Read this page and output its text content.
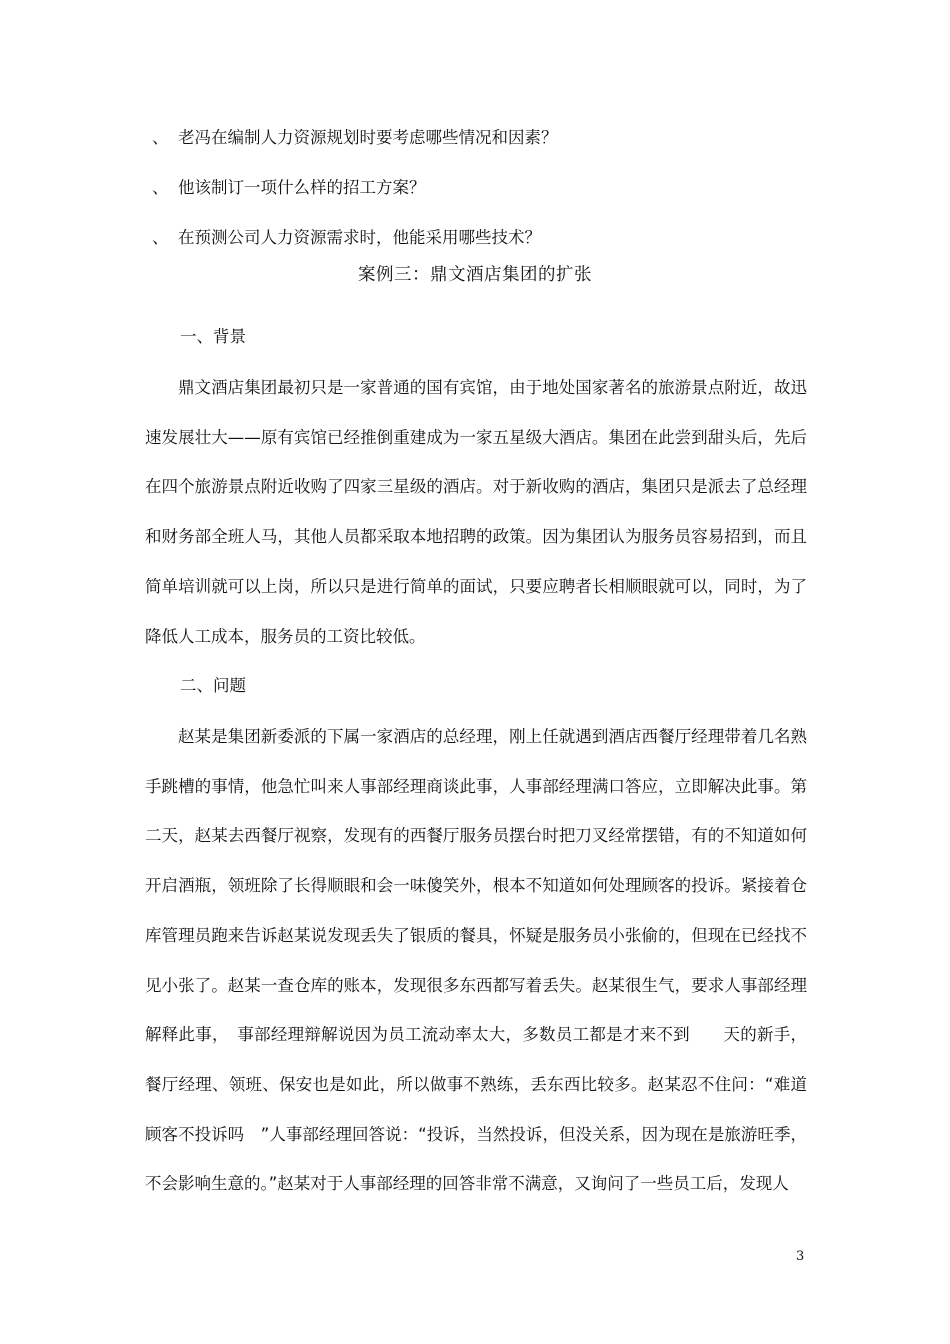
、 老冯在编制人力资源规划时要考虑哪些情况和因素？
、 他该制订一项什么样的招工方案？
、 在预测公司人力资源需求时，他能采用哪些技术？
案例三：鼎文酒店集团的扩张
一、背景

鼎文酒店集团最初只是一家普通的国有宾馆，由于地处国家著名的旅游景点附近，故迅速发展壮大——原有宾馆已经推倒重建成为一家五星级大酒店。集团在此尝到甜头后，先后在四个旅游景点附近收购了四家三星级的酒店。对于新收购的酒店，集团只是派去了总经理和财务部全班人马，其他人员都采取本地招聘的政策。因为集团认为服务员容易招到，而且简单培训就可以上岗，所以只是进行简单的面试，只要应聘者长相顺眼就可以，同时，为了降低人工成本，服务员的工资比较低。

二、问题

赵某是集团新委派的下属一家酒店的总经理，刚上任就遇到酒店西餐厅经理带着几名熟手跳槽的事情，他急忙叫来人事部经理商谈此事，人事部经理满口答应，立即解决此事。第二天，赵某去西餐厅视察，发现有的西餐厅服务员摆台时把刀叉经常摆错，有的不知道如何开启酒瓶，领班除了长得顺眼和会一味傻笑外，根本不知道如何处理顾客的投诉。紧接着仓库管理员跑来告诉赵某说发现丢失了银质的餐具，怀疑是服务员小张偷的，但现在已经找不见小张了。赵某一查仓库的账本，发现很多东西都写着丢失。赵某很生气，要求人事部经理解释此事，　事部经理辩解说因为员工流动率太大，多数员工都是才来不到　　天的新手，餐厅经理、领班、保安也是如此，所以做事不熟练，丢东西比较多。赵某忍不住问：“难道顾客不投诉吗　”人事部经理回答说：“投诉，当然投诉，但没关系，因为现在是旅游旺季，不会影响生意的。”赵某对于人事部经理的回答非常不满意，又询问了一些员工后，发现人

3
